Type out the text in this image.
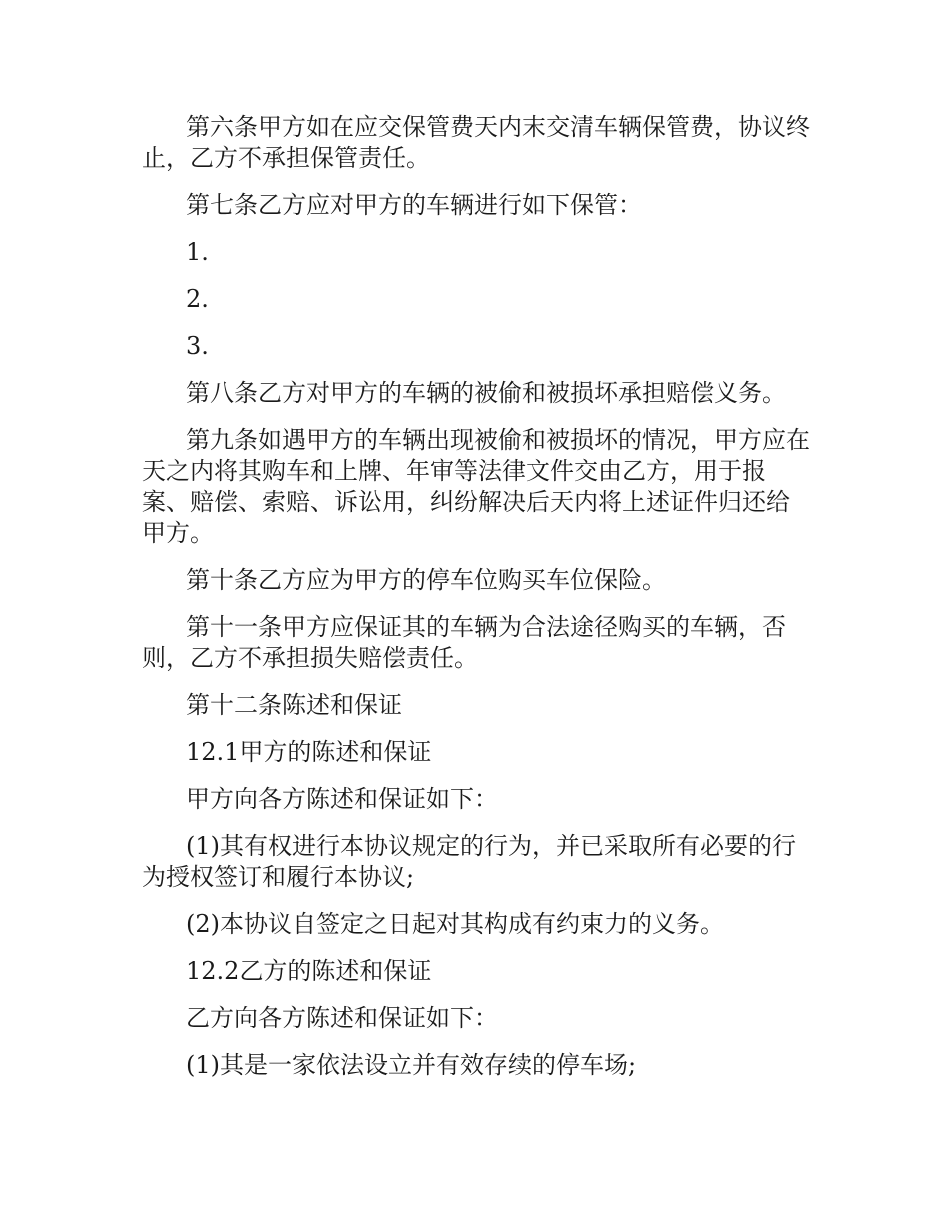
第六条甲方如在应交保管费天内末交清车辆保管费，协议终止，乙方不承担保管责任。

第七条乙方应对甲方的车辆进行如下保管：

1.

2.

3.

第八条乙方对甲方的车辆的被偷和被损坏承担赔偿义务。

第九条如遇甲方的车辆出现被偷和被损坏的情况，甲方应在天之内将其购车和上牌、年审等法律文件交由乙方，用于报案、赔偿、索赔、诉讼用，纠纷解决后天内将上述证件归还给甲方。

第十条乙方应为甲方的停车位购买车位保险。

第十一条甲方应保证其的车辆为合法途径购买的车辆，否则，乙方不承担损失赔偿责任。

第十二条陈述和保证

12.1甲方的陈述和保证

甲方向各方陈述和保证如下：

(1)其有权进行本协议规定的行为，并已采取所有必要的行为授权签订和履行本协议;

(2)本协议自签定之日起对其构成有约束力的义务。

12.2乙方的陈述和保证

乙方向各方陈述和保证如下：

(1)其是一家依法设立并有效存续的停车场;
